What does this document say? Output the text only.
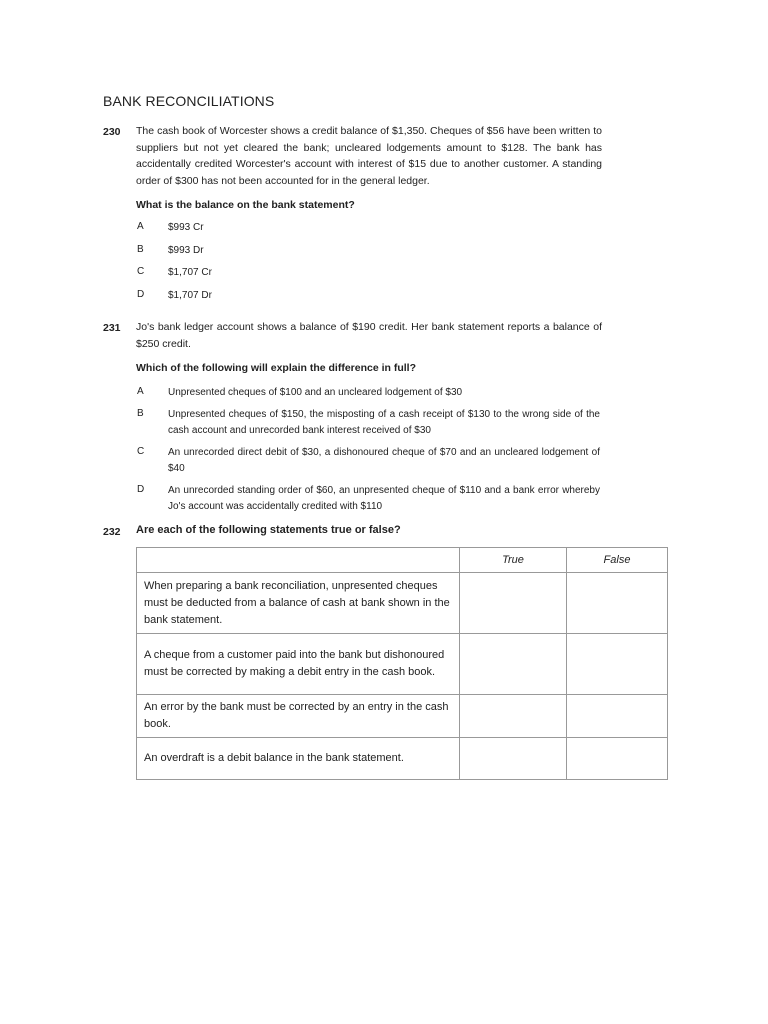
BANK RECONCILIATIONS
230 The cash book of Worcester shows a credit balance of $1,350. Cheques of $56 have been written to suppliers but not yet cleared the bank; uncleared lodgements amount to $128. The bank has accidentally credited Worcester's account with interest of $15 due to another customer. A standing order of $300 has not been accounted for in the general ledger.
What is the balance on the bank statement?
A $993 Cr
B $993 Dr
C $1,707 Cr
D $1,707 Dr
231 Jo's bank ledger account shows a balance of $190 credit. Her bank statement reports a balance of $250 credit.
Which of the following will explain the difference in full?
A Unpresented cheques of $100 and an uncleared lodgement of $30
B Unpresented cheques of $150, the misposting of a cash receipt of $130 to the wrong side of the cash account and unrecorded bank interest received of $30
C An unrecorded direct debit of $30, a dishonoured cheque of $70 and an uncleared lodgement of $40
D An unrecorded standing order of $60, an unpresented cheque of $110 and a bank error whereby Jo's account was accidentally credited with $110
232 Are each of the following statements true or false?
	True	False
When preparing a bank reconciliation, unpresented cheques must be deducted from a balance of cash at bank shown in the bank statement.		
A cheque from a customer paid into the bank but dishonoured must be corrected by making a debit entry in the cash book.		
An error by the bank must be corrected by an entry in the cash book.		
An overdraft is a debit balance in the bank statement.		
